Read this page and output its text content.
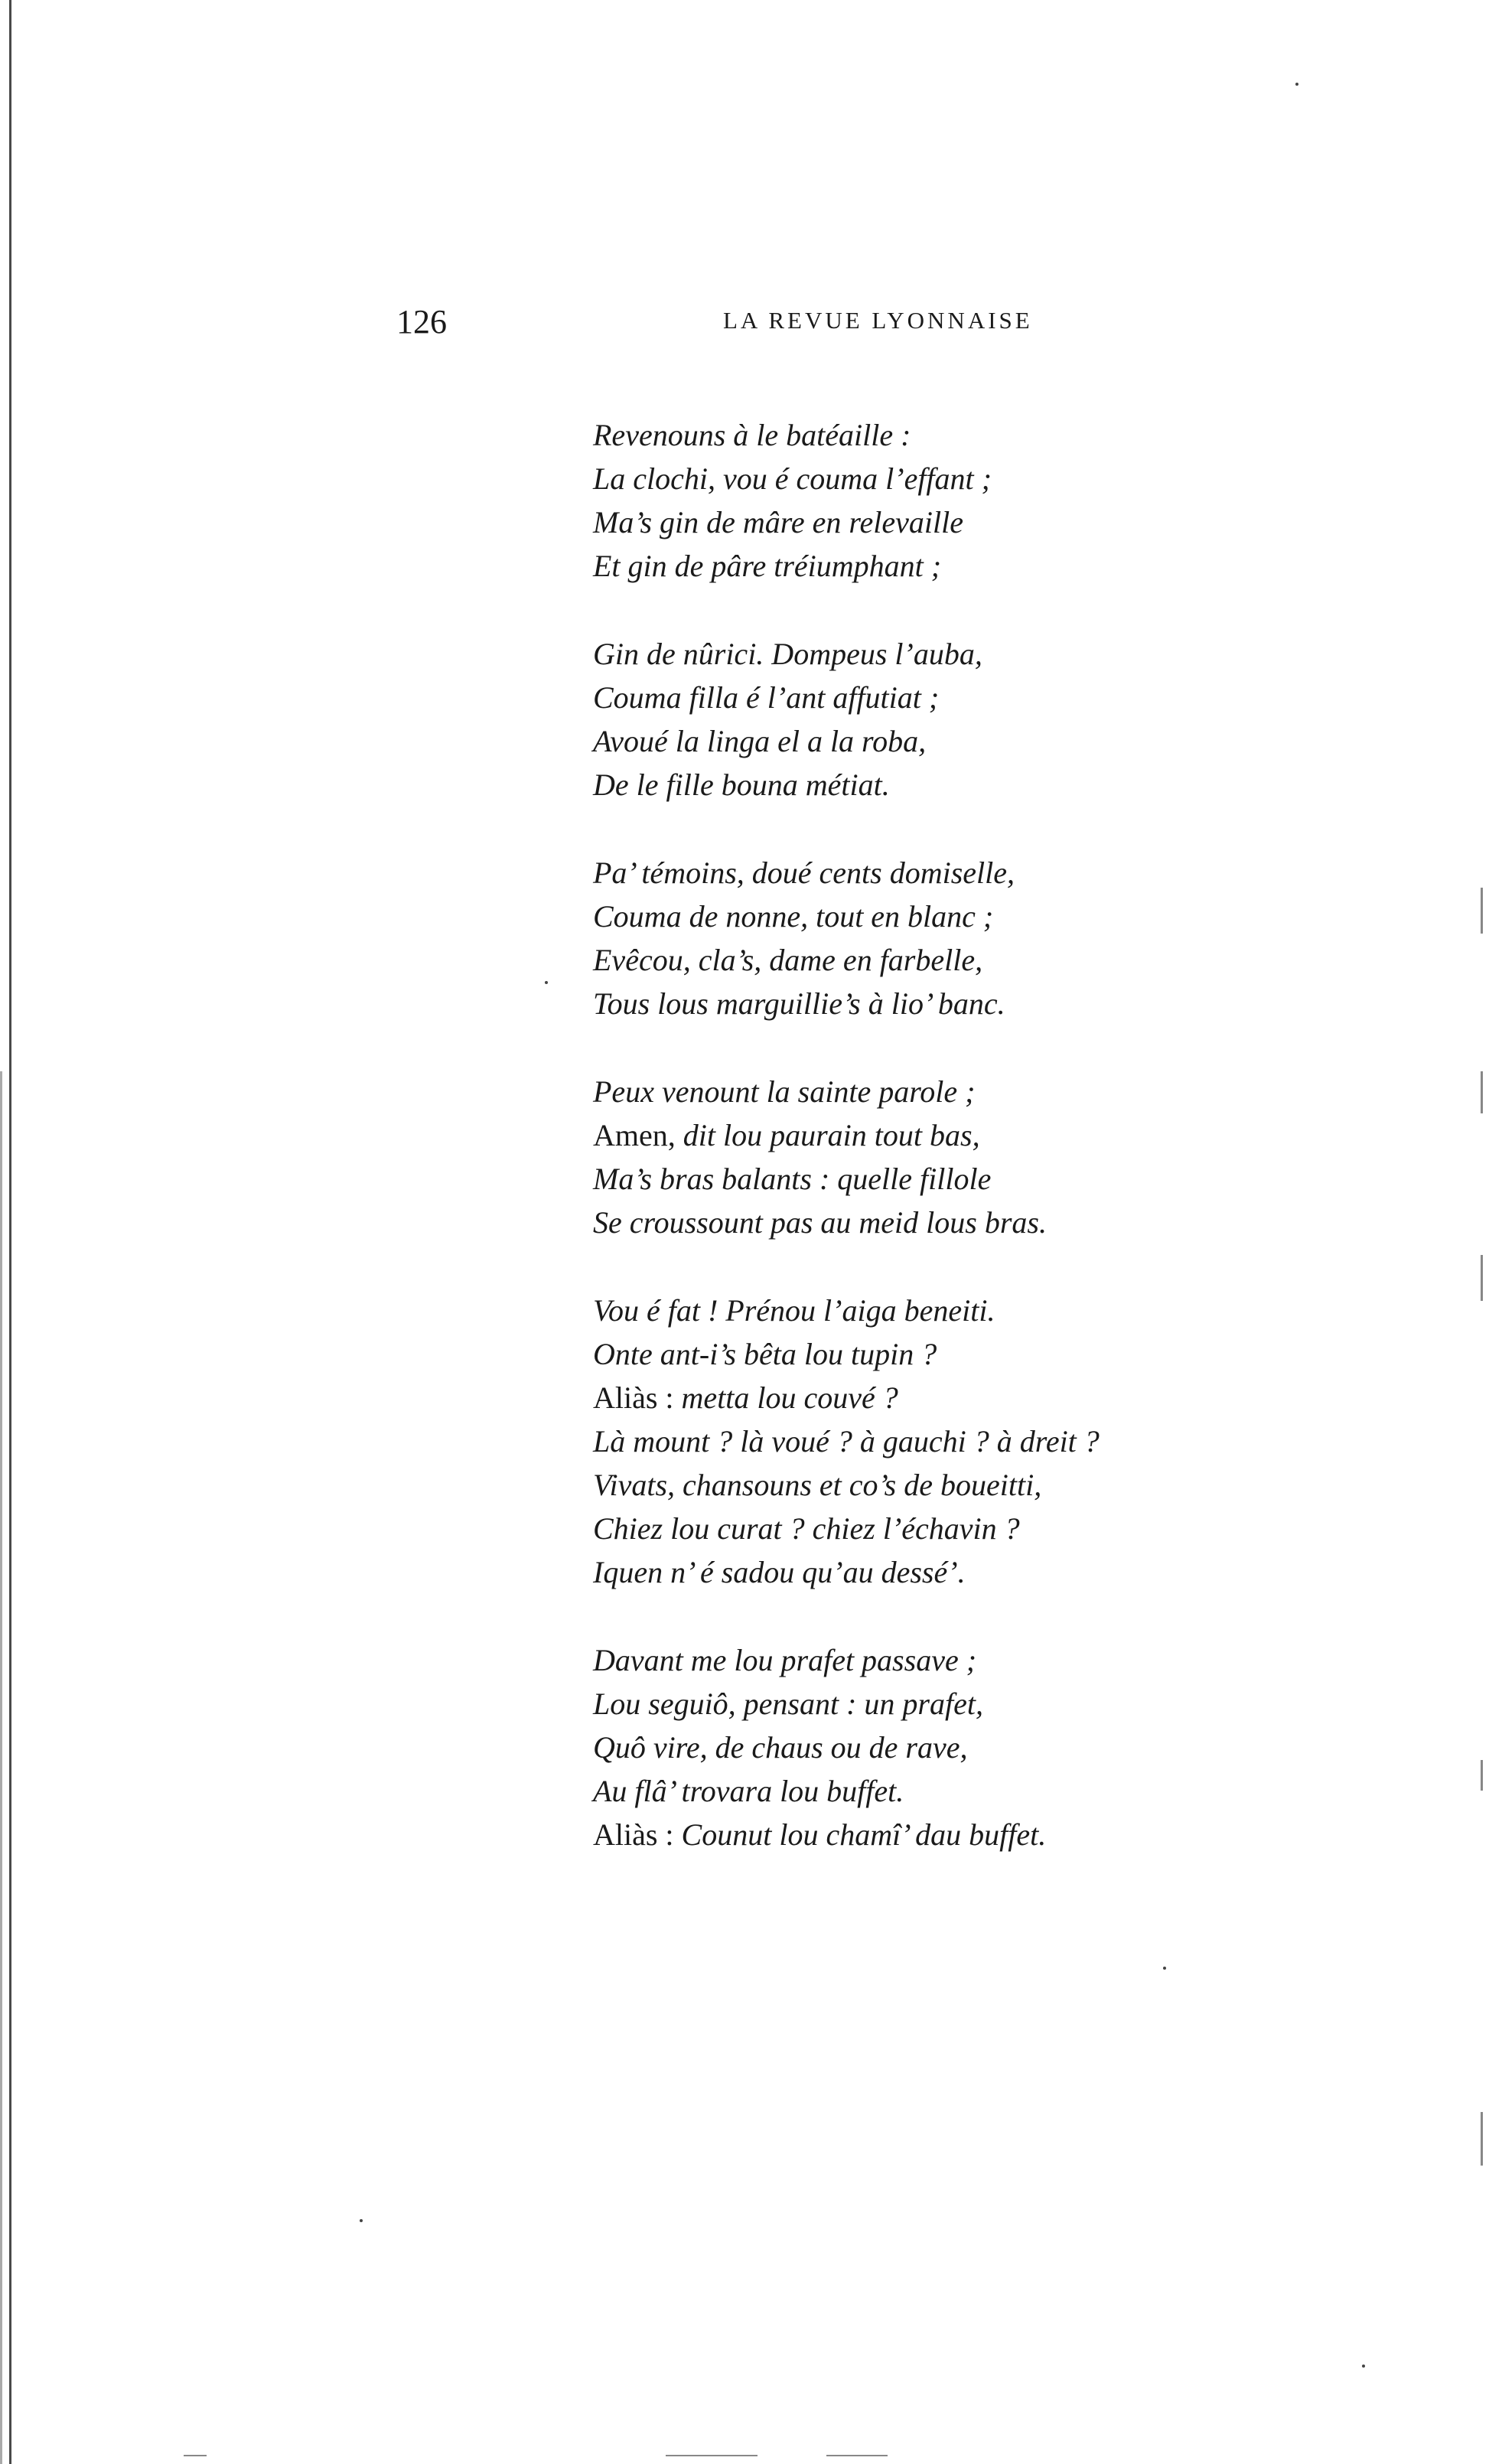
126	LA REVUE LYONNAISE
Revenouns à le batéaille :
La clochi, vou é couma l’effant ;
Ma’s gin de mâre en relevaille
Et gin de pâre tréiumphant ;
Gin de nûrici. Dompeus l’auba,
Couma filla é l’ant affutiat ;
Avoué la linga el a la roba,
De le fille bouna métiat.
Pa’ témoins, doué cents domiselle,
Couma de nonne, tout en blanc ;
Evêcou, cla’s, dame en farbelle,
Tous lous marguillie’s à lio’ banc.
Peux venount la sainte parole ;
Amen, dit lou paurain tout bas,
Ma’s bras balants : quelle fillole
Se croussount pas au meid lous bras.
Vou é fat ! Prénou l’aiga beneiti.
Onte ant-i’s bêta lou tupin ?
Aliàs : metta lou couvé ?
Là mount ? là voué ? à gauchi ? à dreit ?
Vivats, chansouns et co’s de boueitti,
Chiez lou curat ? chiez l’échavin ?
Iquen n’ é sadou qu’au dessé’.
Davant me lou prafet passave ;
Lou seguiô, pensant : un prafet,
Quô vire, de chaus ou de rave,
Au flâ’ trovara lou buffet.
Aliàs : Counut lou chamî’ dau buffet.
